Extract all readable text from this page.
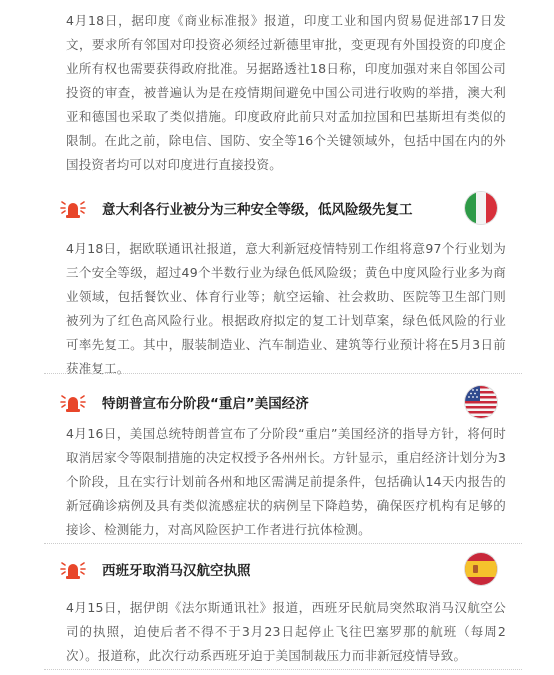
4月18日，据印度《商业标准报》报道，印度工业和国内贸易促进部17日发文，要求所有邻国对印投资必须经过新德里审批，变更现有外国投资的印度企业所有权也需要获得政府批准。另据路透社18日称，印度加强对来自邻国公司投资的审查，被普遍认为是在疫情期间避免中国公司进行收购的举措，澳大利亚和德国也采取了类似措施。印度政府此前只对孟加拉国和巴基斯坦有类似的限制。在此之前，除电信、国防、安全等16个关键领域外，包括中国在内的外国投资者均可以对印度进行直接投资。

意大利各行业被分为三种安全等级，低风险级先复工

4月18日，据欧联通讯社报道，意大利新冠疫情特别工作组将意97个行业划为三个安全等级，超过49个半数行业为绿色低风险级；黄色中度风险行业多为商业领域，包括餐饮业、体育行业等；航空运输、社会救助、医院等卫生部门则被列为了红色高风险行业。根据政府拟定的复工计划草案，绿色低风险的行业可率先复工。其中，服装制造业、汽车制造业、建筑等行业预计将在5月3日前获准复工。

特朗普宣布分阶段“重启”美国经济

4月16日，美国总统特朗普宣布了分阶段“重启”美国经济的指导方针，将何时取消居家令等限制措施的决定权授予各州州长。方针显示，重启经济计划分为3个阶段，且在实行计划前各州和地区需满足前提条件，包括确认14天内报告的新冠确诊病例及具有类似流感症状的病例呈下降趋势，确保医疗机构有足够的接诊、检测能力，对高风险医护工作者进行抗体检测。

西班牙取消马汉航空执照

4月15日，据伊朗《法尔斯通讯社》报道，西班牙民航局突然取消马汉航空公司的执照，迫使后者不得不于3月23日起停止飞往巴塞罗那的航班（每周2次）。报道称，此次行动系西班牙迫于美国制裁压力而非新冠疫情导致。
